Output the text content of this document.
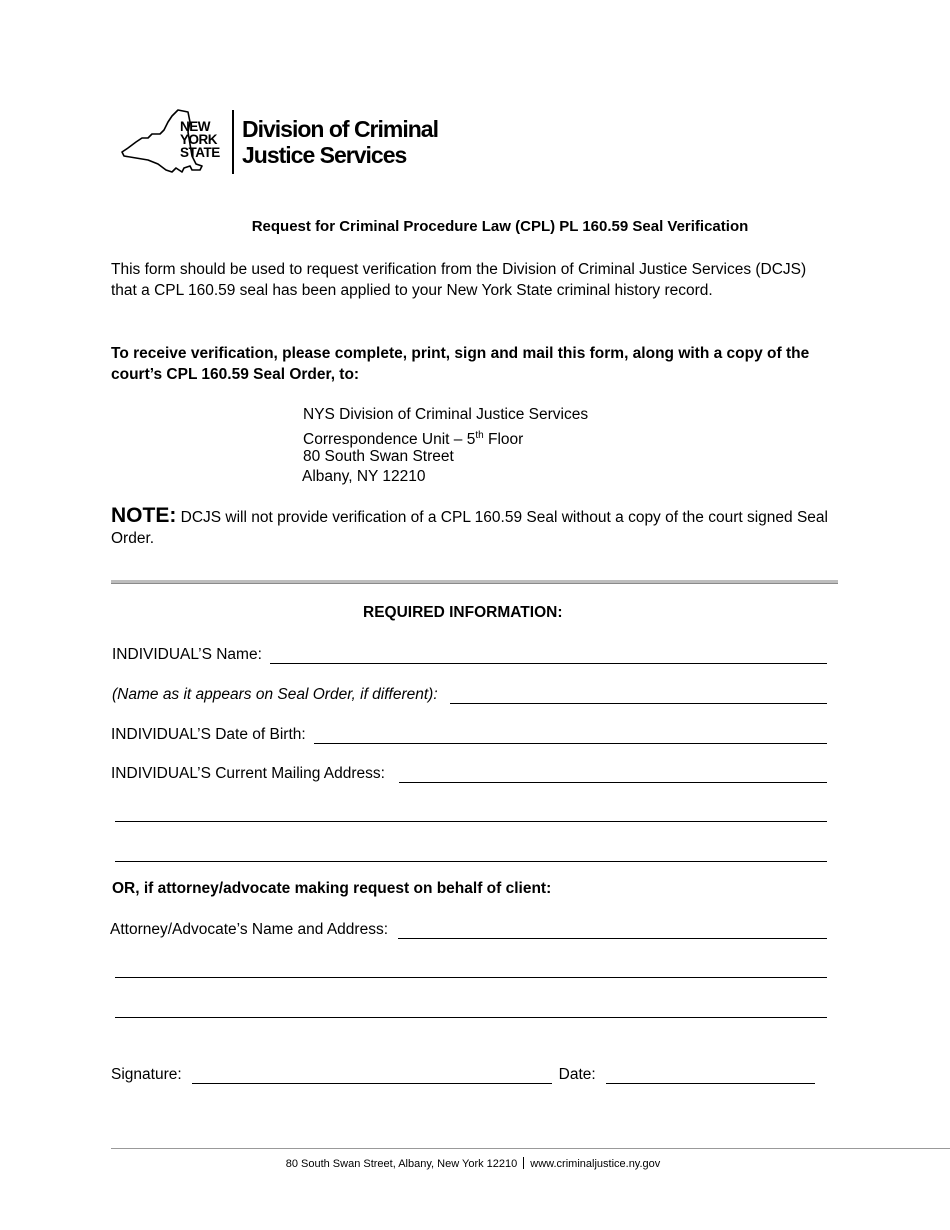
NEW
YORK
STATE
Division of Criminal
Justice Services
Request for Criminal Procedure Law (CPL) PL 160.59 Seal Verification
This form should be used to request verification from the Division of Criminal Justice Services (DCJS) that a CPL 160.59 seal has been applied to your New York State criminal history record.
To receive verification, please complete, print, sign and mail this form, along with a copy of the court’s CPL 160.59 Seal Order, to:
NYS Division of Criminal Justice Services
Correspondence Unit – 5th Floor
80 South Swan Street
Albany, NY 12210
NOTE: DCJS will not provide verification of a CPL 160.59 Seal without a copy of the court signed Seal Order.
REQUIRED INFORMATION:
INDIVIDUAL’S Name:
(Name as it appears on Seal Order, if different):
INDIVIDUAL’S Date of Birth:
INDIVIDUAL’S Current Mailing Address:
OR, if attorney/advocate making request on behalf of client:
Attorney/Advocate’s Name and Address:
Signature:	Date:
80 South Swan Street, Albany, New York 12210 www.criminaljustice.ny.gov
